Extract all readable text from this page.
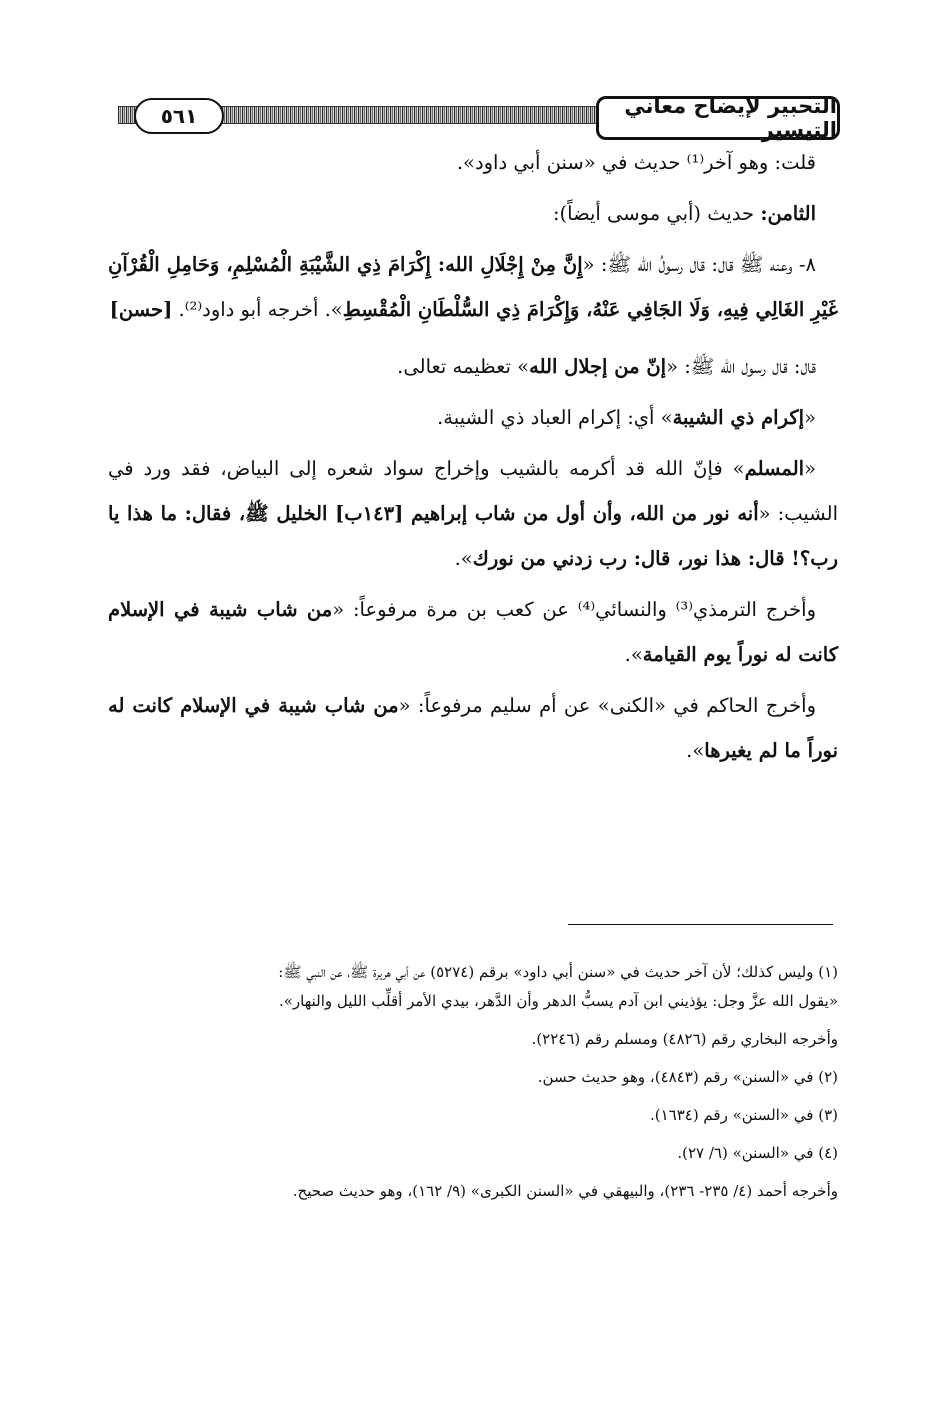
التحبير لإيضاح معاني التيسير
٥٦١

قلت: وهو آخر⁽¹⁾ حديث في «سنن أبي داود».

الثامن: حديث (أبي موسى أيضاً):

٨- وعنه ﷺ قال: قال رسولُ الله ﷺ: «إِنَّ مِنْ إِجْلَالِ الله: إِكْرَامَ ذِي الشَّيْبَةِ الْمُسْلِمِ، وَحَامِلِ الْقُرْآنِ غَيْرِ الغَالِي فِيهِ، وَلَا الجَافِي عَنْهُ، وَإِكْرَامَ ذِي السُّلْطَانِ الْمُقْسِطِ». أخرجه أبو داود⁽²⁾. [حسن]

قال: قال رسول الله ﷺ: «إنّ من إجلال الله» تعظيمه تعالى.

«إكرام ذي الشيبة» أي: إكرام العباد ذي الشيبة.

«المسلم» فإنّ الله قد أكرمه بالشيب وإخراج سواد شعره إلى البياض، فقد ورد في الشيب: «أنه نور من الله، وأن أول من شاب إبراهيم [١٤٣ب] الخليل ﷺ، فقال: ما هذا يا رب؟! قال: هذا نور، قال: رب زدني من نورك».

وأخرج الترمذي⁽³⁾ والنسائي⁽⁴⁾ عن كعب بن مرة مرفوعاً: «من شاب شيبة في الإسلام كانت له نوراً يوم القيامة».

وأخرج الحاكم في «الكنى» عن أم سليم مرفوعاً: «من شاب شيبة في الإسلام كانت له نوراً ما لم يغيرها».

(١) وليس كذلك؛ لأن آخر حديث في «سنن أبي داود» برقم (٥٢٧٤) عن أبي هريرة ﷺ، عن النبي ﷺ:

«يقول الله عزَّ وجل: يؤذيني ابن آدم يسبُّ الدهر وأن الدَّهر، بيدي الأمر أقلِّب الليل والنهار».

وأخرجه البخاري رقم (٤٨٢٦) ومسلم رقم (٢٢٤٦).

(٢) في «السنن» رقم (٤٨٤٣)، وهو حديث حسن.

(٣) في «السنن» رقم (١٦٣٤).

(٤) في «السنن» (٦/ ٢٧).

وأخرجه أحمد (٤/ ٢٣٥- ٢٣٦)، والبيهقي في «السنن الكبرى» (٩/ ١٦٢)، وهو حديث صحيح.
